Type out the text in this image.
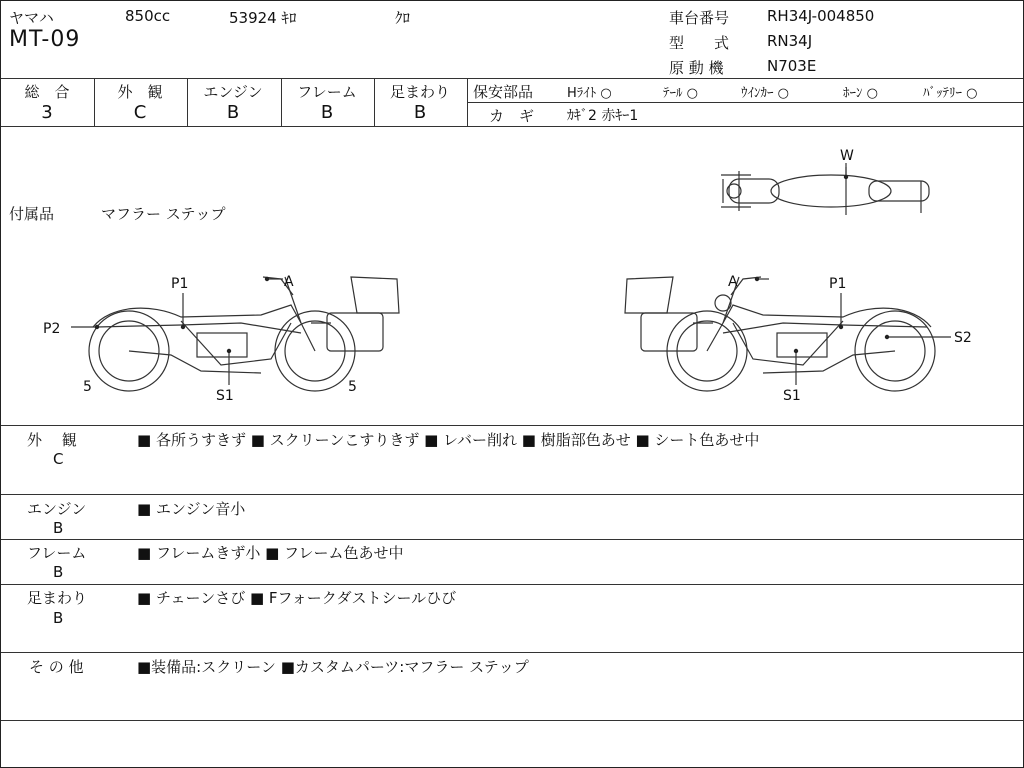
ヤマハ	850cc	53924 ｷﾛ	ｸﾛ
MT-09
車台番号	RH34J-004850
型　　式	RN34J
原 動 機	N703E
総　合	外　観	エンジン	フレーム	足まわり
3	C	B	B	B
保安部品	Hﾗｲﾄ ○	ﾃｰﾙ ○	ｳｲﾝｶｰ ○	ﾎｰﾝ ○	ﾊﾞｯﾃﾘｰ ○
カ　ギ ｶｷﾞ2 赤ｷｰ1
付属品	マフラー ステップ
W
P1	A
P2
5
S1
5
A	P1
S2
S1
外　 観
C
■ 各所うすきず ■ スクリーンこすりきず ■ レバー削れ ■ 樹脂部色あせ ■ シート色あせ中
エンジン
B
■ エンジン音小
フレーム
B
■ フレームきず小 ■ フレーム色あせ中
足まわり
B
■ チェーンさび ■ Fフォークダストシールひび
そ の 他	■装備品:スクリーン ■カスタムパーツ:マフラー ステップ
